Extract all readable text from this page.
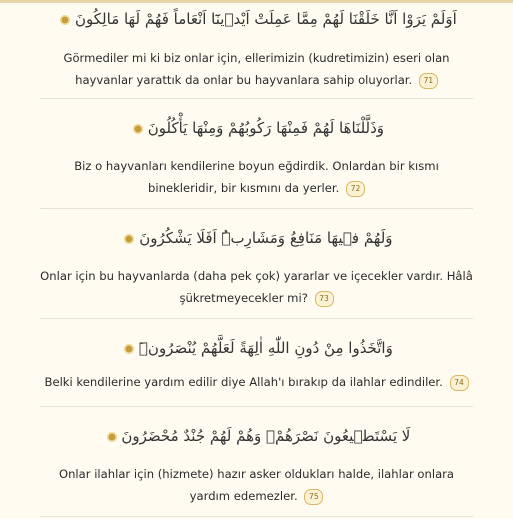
اَوَلَمْ يَرَوْا اَنَّا خَلَقْنَا لَهُمْ مِمَّا عَمِلَتْ اَيْد۪ينَٓا اَنْعَاماً فَهُمْ لَهَا مَالِكُونَ
Görmediler mi ki biz onlar için, ellerimizin (kudretimizin) eseri olan hayvanlar yarattık da onlar bu hayvanlara sahip oluyorlar. 71
وَذَلَّلْنَاهَا لَهُمْ فَمِنْهَا رَكُوبُهُمْ وَمِنْهَا يَأْكُلُونَ
Biz o hayvanları kendilerine boyun eğdirdik. Onlardan bir kısmı binekleridir, bir kısmını da yerler. 72
وَلَهُمْ ف۪يهَا مَنَافِعُ وَمَشَارِبُۜ اَفَلَا يَشْكُرُونَ
Onlar için bu hayvanlarda (daha pek çok) yararlar ve içecekler vardır. Hâlâ şükretmeyecekler mi? 73
وَاتَّخَذُوا مِنْ دُونِ اللّٰهِ اٰلِهَةً لَعَلَّهُمْ يُنْصَرُونَۜ
Belki kendilerine yardım edilir diye Allah'ı bırakıp da ilahlar edindiler. 74
لَا يَسْتَط۪يعُونَ نَصْرَهُمْۙ وَهُمْ لَهُمْ جُنْدٌ مُحْضَرُونَ
Onlar ilahlar için (hizmete) hazır asker oldukları halde, ilahlar onlara yardım edemezler. 75
